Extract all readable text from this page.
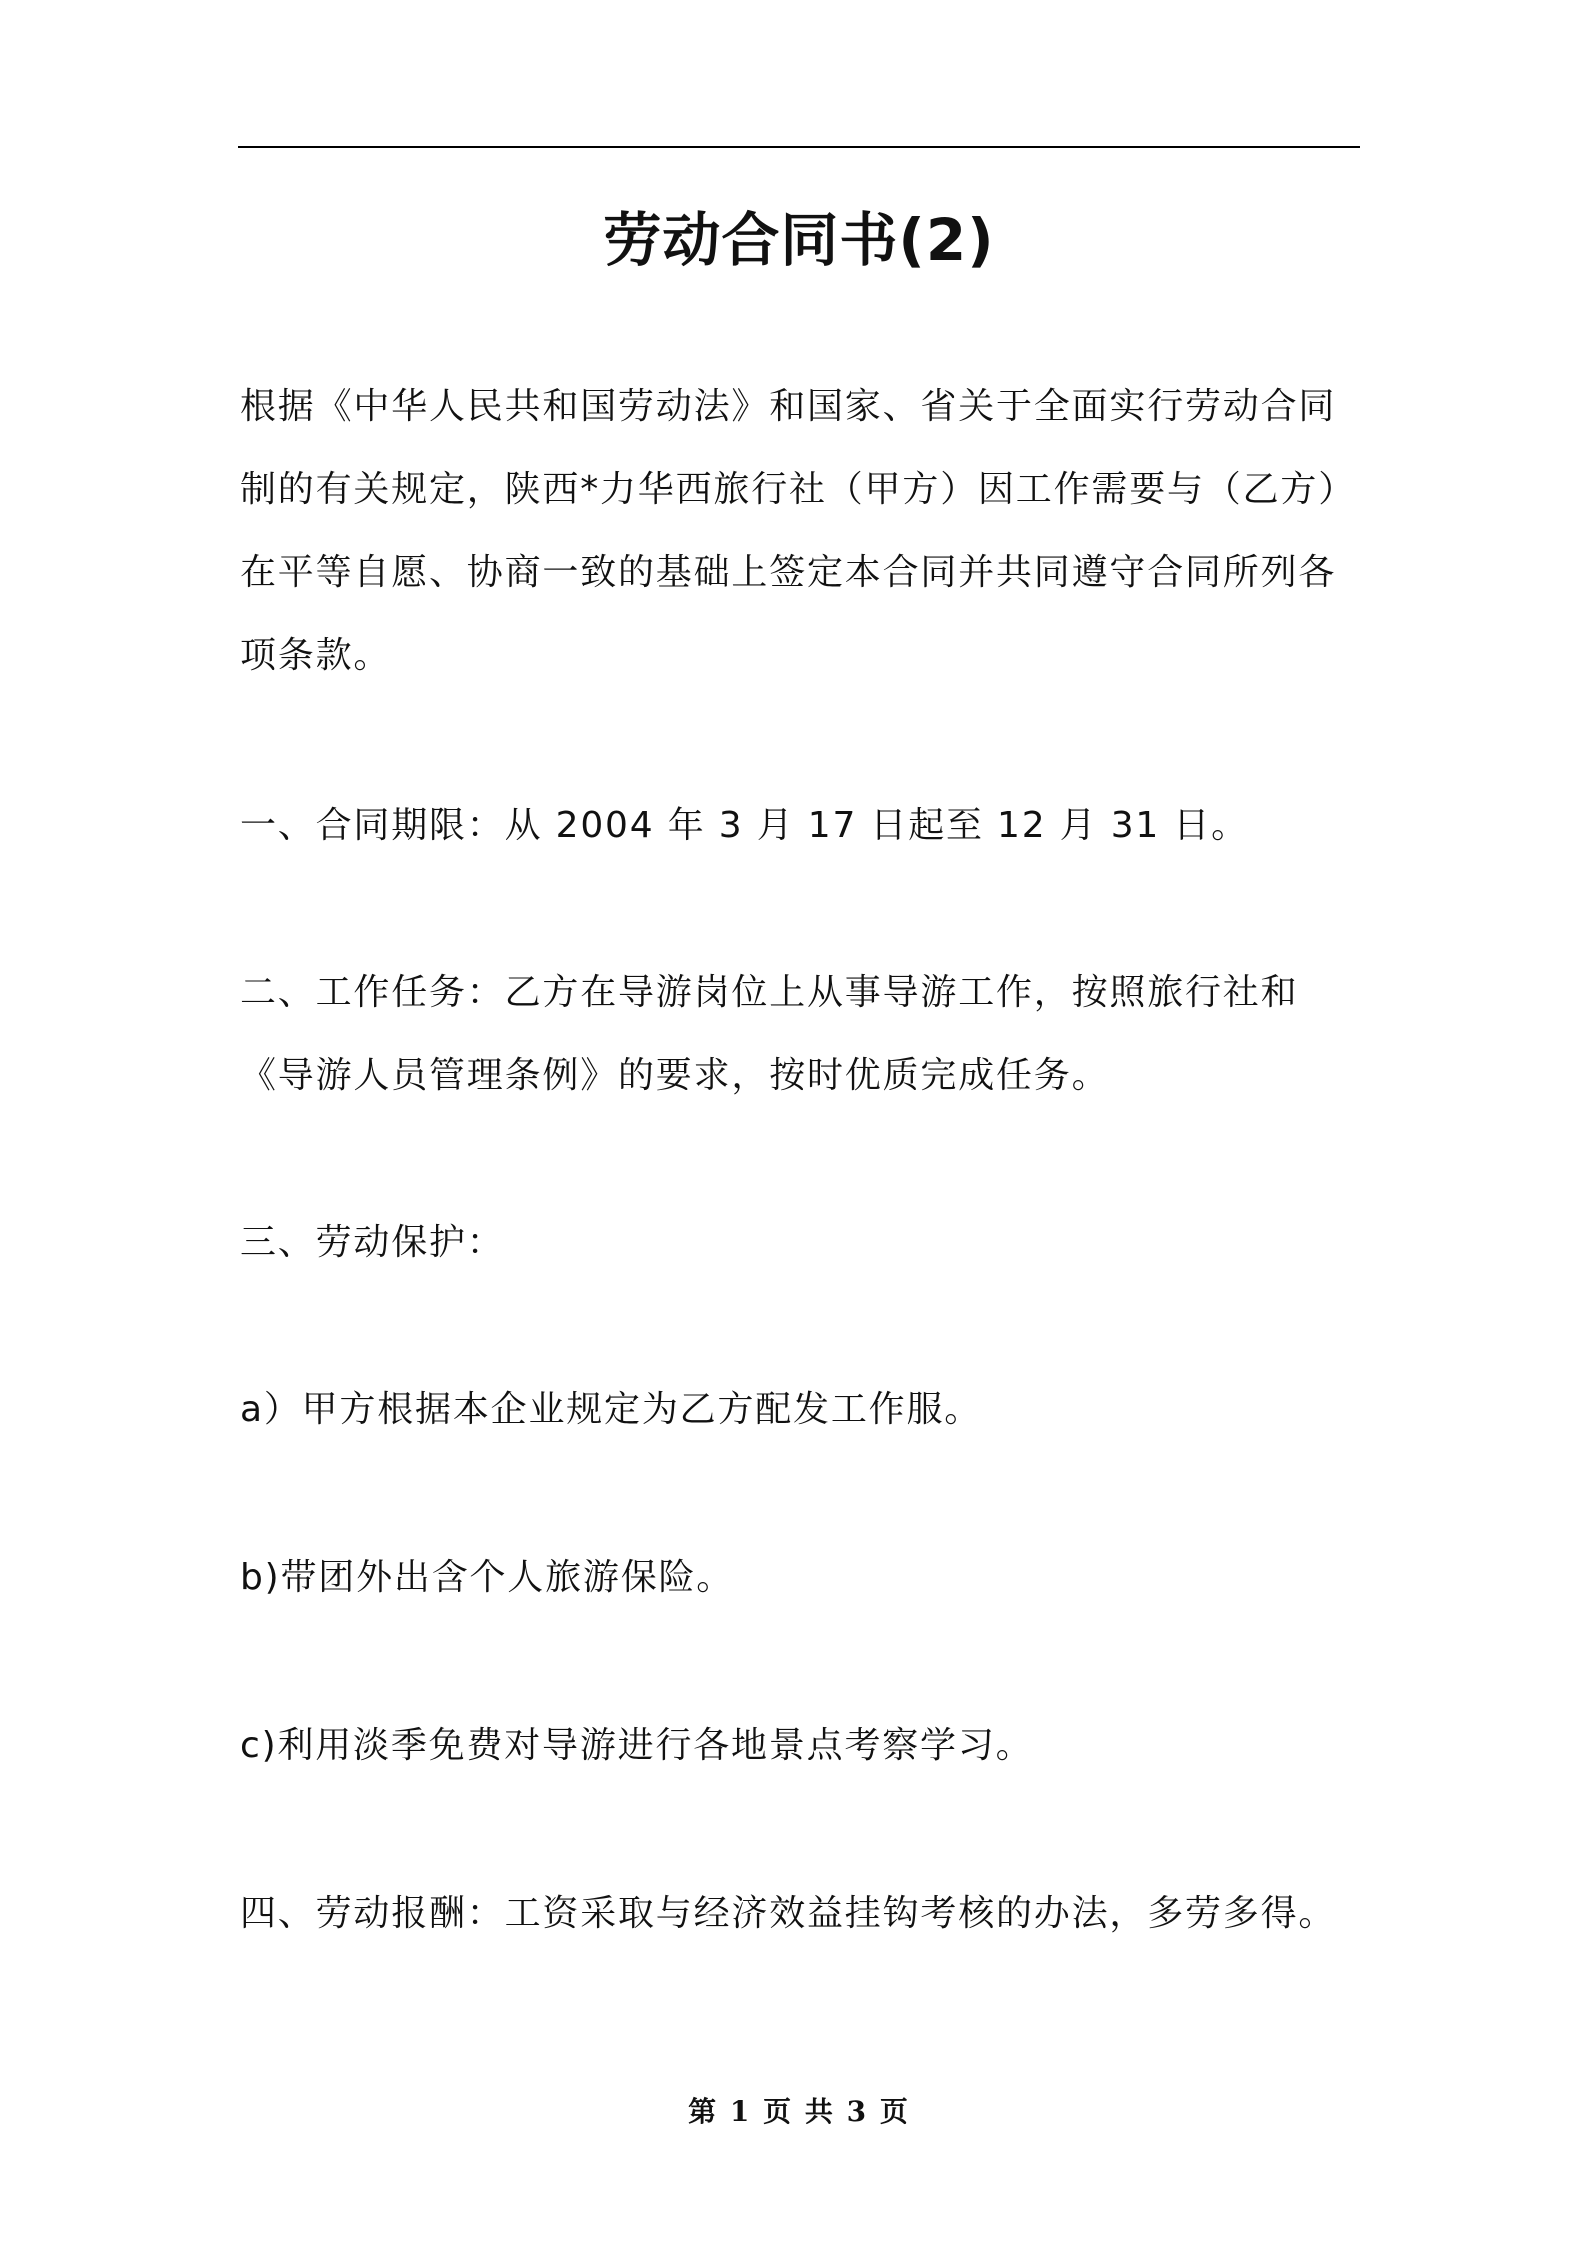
劳动合同书(2)

根据《中华人民共和国劳动法》和国家、省关于全面实行劳动合同制的有关规定，陕西*力华西旅行社（甲方）因工作需要与（乙方）在平等自愿、协商一致的基础上签定本合同并共同遵守合同所列各项条款。

一、合同期限：从 2004 年 3 月 17 日起至 12 月 31 日。

二、工作任务：乙方在导游岗位上从事导游工作，按照旅行社和《导游人员管理条例》的要求，按时优质完成任务。

三、劳动保护：

a）甲方根据本企业规定为乙方配发工作服。

b)带团外出含个人旅游保险。

c)利用淡季免费对导游进行各地景点考察学习。

四、劳动报酬：工资采取与经济效益挂钩考核的办法，多劳多得。

第 1 页 共 3 页
